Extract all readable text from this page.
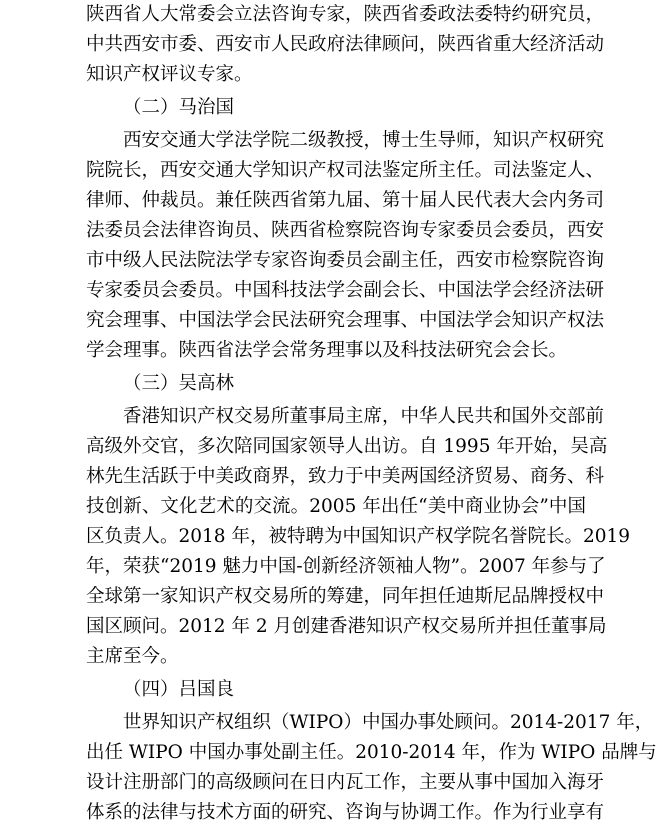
陕西省人大常委会立法咨询专家，陕西省委政法委特约研究员，
中共西安市委、西安市人民政府法律顾问，陕西省重大经济活动
知识产权评议专家。
（二）马治国
西安交通大学法学院二级教授，博士生导师，知识产权研究
院院长，西安交通大学知识产权司法鉴定所主任。司法鉴定人、
律师、仲裁员。兼任陕西省第九届、第十届人民代表大会内务司
法委员会法律咨询员、陕西省检察院咨询专家委员会委员，西安
市中级人民法院法学专家咨询委员会副主任，西安市检察院咨询
专家委员会委员。中国科技法学会副会长、中国法学会经济法研
究会理事、中国法学会民法研究会理事、中国法学会知识产权法
学会理事。陕西省法学会常务理事以及科技法研究会会长。
（三）吴高林
香港知识产权交易所董事局主席，中华人民共和国外交部前
高级外交官，多次陪同国家领导人出访。自 1995 年开始，吴高
林先生活跃于中美政商界，致力于中美两国经济贸易、商务、科
技创新、文化艺术的交流。2005 年出任“美中商业协会”中国
区负责人。2018 年，被特聘为中国知识产权学院名誉院长。2019
年，荣获“2019 魅力中国-创新经济领袖人物”。2007 年参与了
全球第一家知识产权交易所的筹建，同年担任迪斯尼品牌授权中
国区顾问。2012 年 2 月创建香港知识产权交易所并担任董事局
主席至今。
（四）吕国良
世界知识产权组织（WIPO）中国办事处顾问。2014-2017 年，
出任 WIPO 中国办事处副主任。2010-2014 年，作为 WIPO 品牌与
设计注册部门的高级顾问在日内瓦工作，主要从事中国加入海牙
体系的法律与技术方面的研究、咨询与协调工作。作为行业享有
